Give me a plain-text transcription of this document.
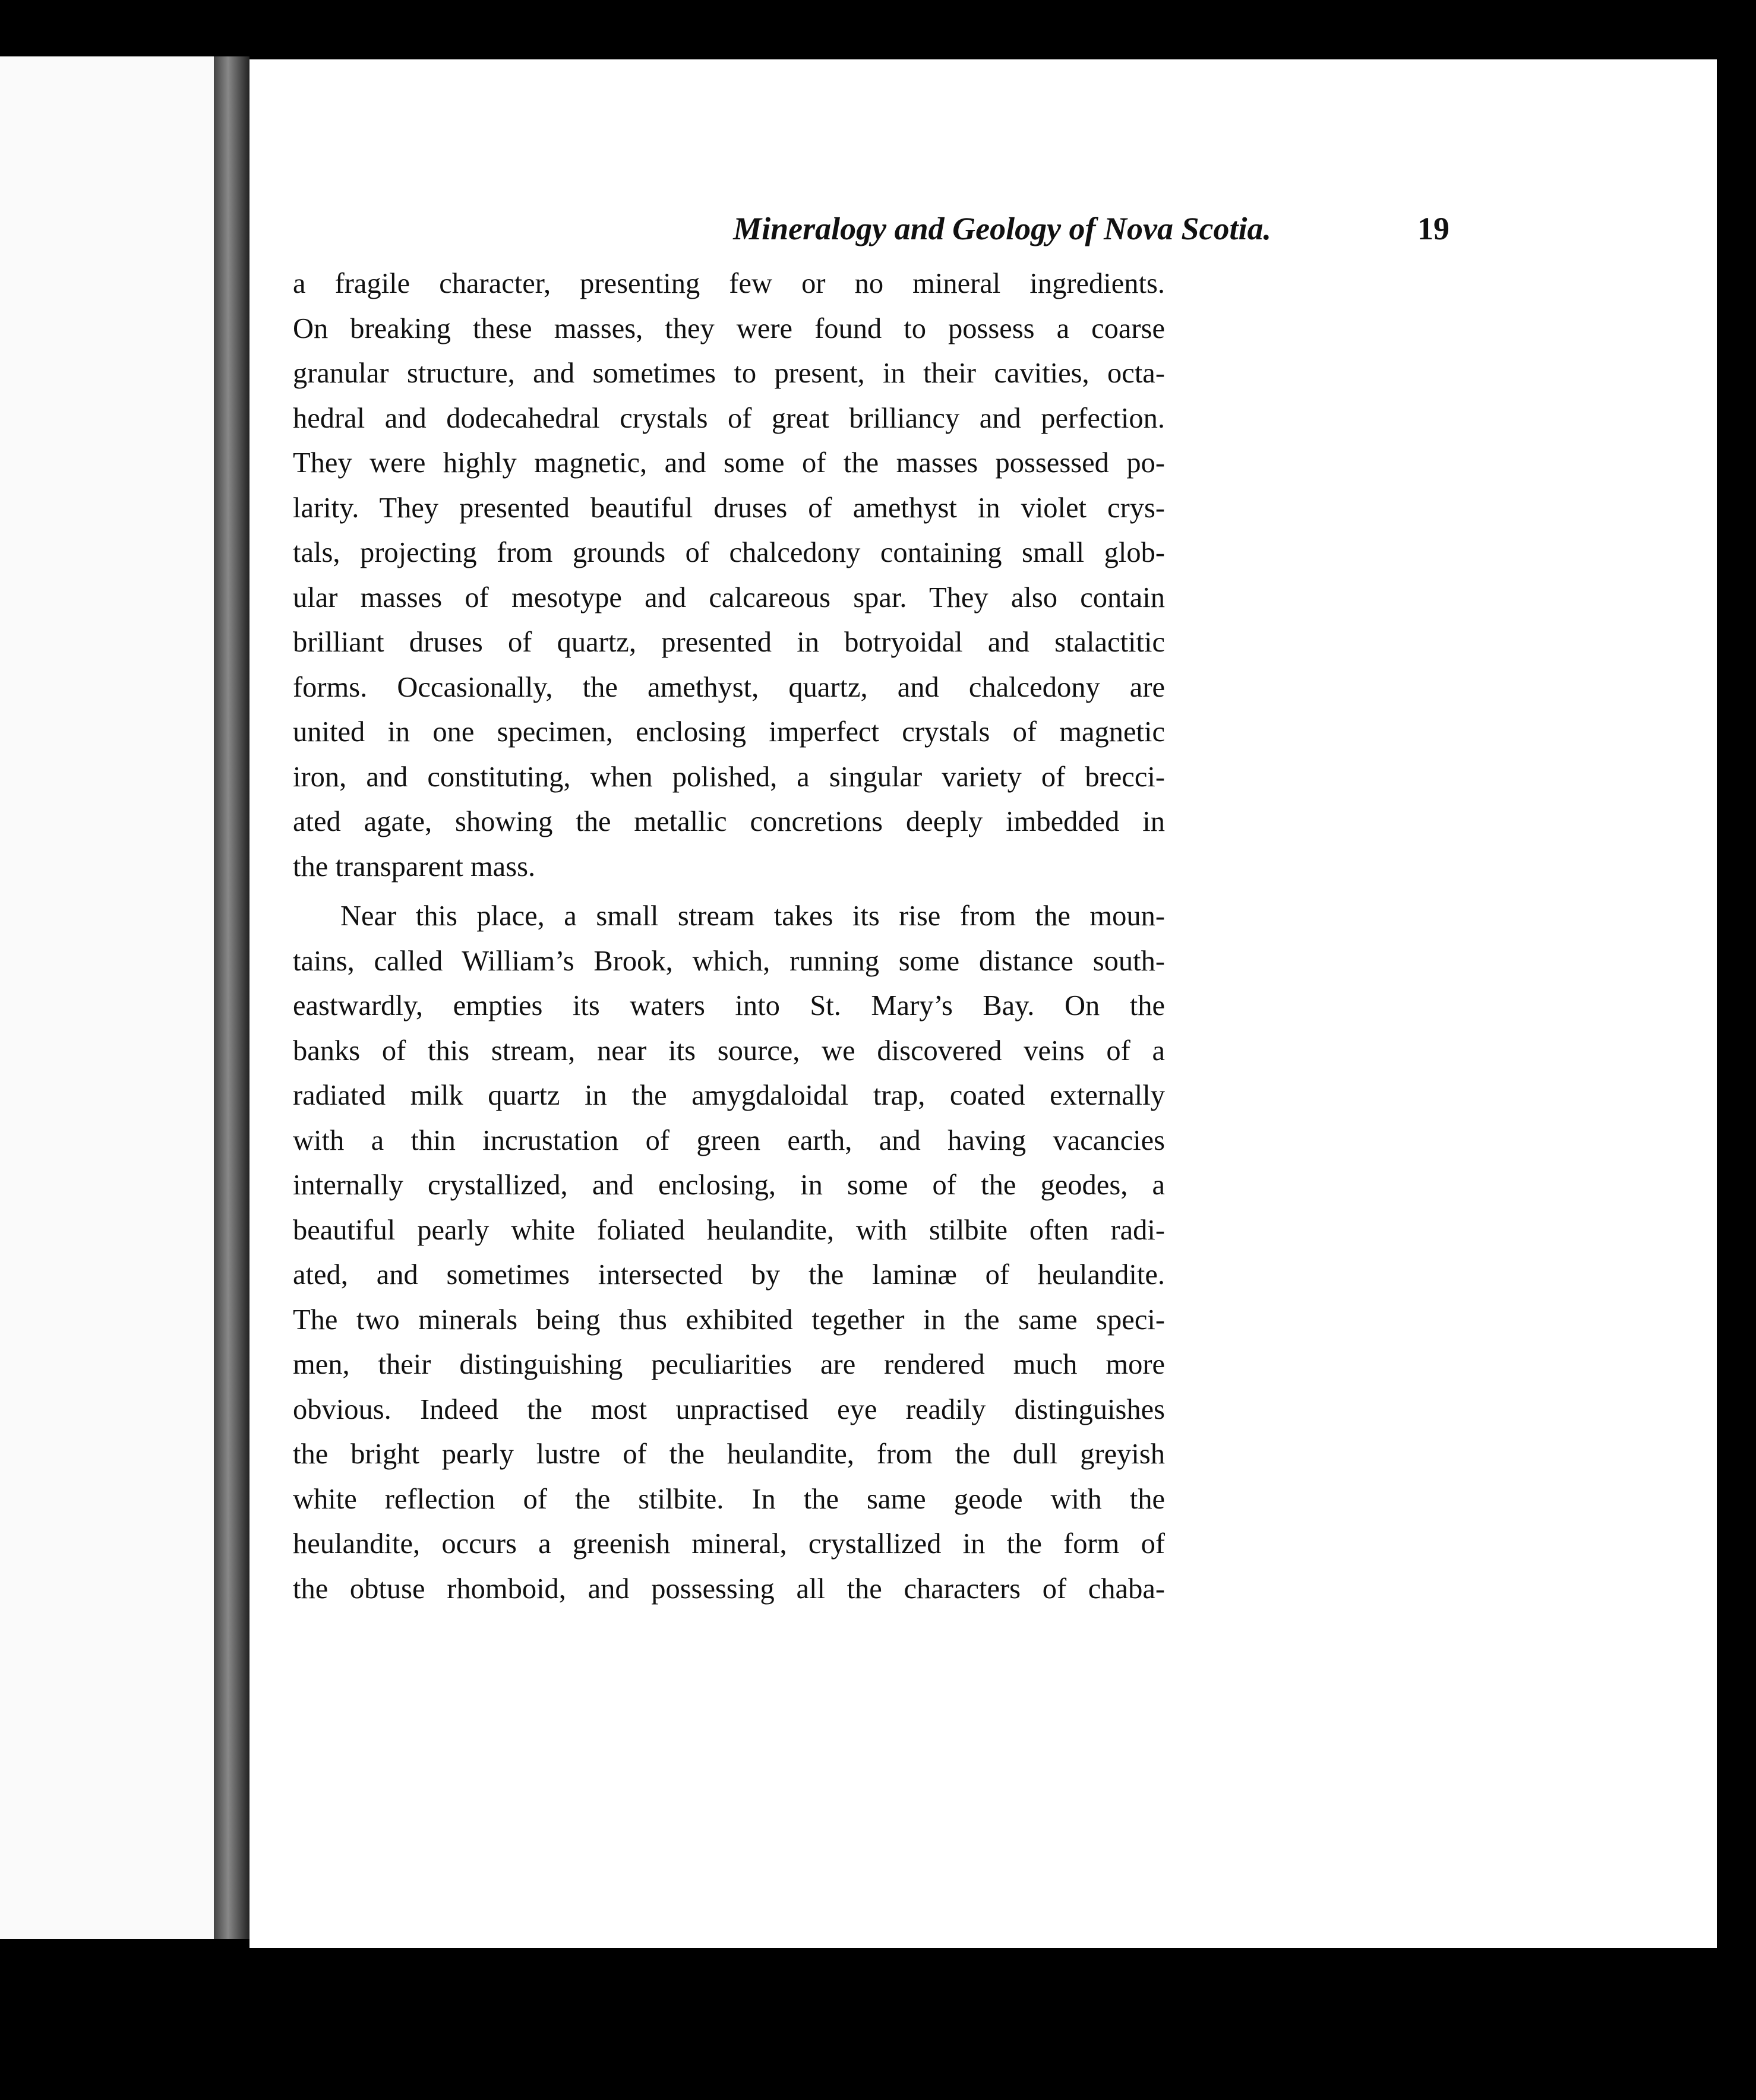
Mineralogy and Geology of Nova Scotia.	19
a fragile character, presenting few or no mineral ingredients.
On breaking these masses, they were found to possess a coarse
granular structure, and sometimes to present, in their cavities, octa-
hedral and dodecahedral crystals of great brilliancy and perfection.
They were highly magnetic, and some of the masses possessed po-
larity. They presented beautiful druses of amethyst in violet crys-
tals, projecting from grounds of chalcedony containing small glob-
ular masses of mesotype and calcareous spar. They also contain
brilliant druses of quartz, presented in botryoidal and stalactitic
forms. Occasionally, the amethyst, quartz, and chalcedony are
united in one specimen, enclosing imperfect crystals of magnetic
iron, and constituting, when polished, a singular variety of brecci-
ated agate, showing the metallic concretions deeply imbedded in
the transparent mass.
Near this place, a small stream takes its rise from the moun-
tains, called William’s Brook, which, running some distance south-
eastwardly, empties its waters into St. Mary’s Bay. On the
banks of this stream, near its source, we discovered veins of a
radiated milk quartz in the amygdaloidal trap, coated externally
with a thin incrustation of green earth, and having vacancies
internally crystallized, and enclosing, in some of the geodes, a
beautiful pearly white foliated heulandite, with stilbite often radi-
ated, and sometimes intersected by the laminæ of heulandite.
The two minerals being thus exhibited tegether in the same speci-
men, their distinguishing peculiarities are rendered much more
obvious. Indeed the most unpractised eye readily distinguishes
the bright pearly lustre of the heulandite, from the dull greyish
white reflection of the stilbite. In the same geode with the
heulandite, occurs a greenish mineral, crystallized in the form of
the obtuse rhomboid, and possessing all the characters of chaba-
